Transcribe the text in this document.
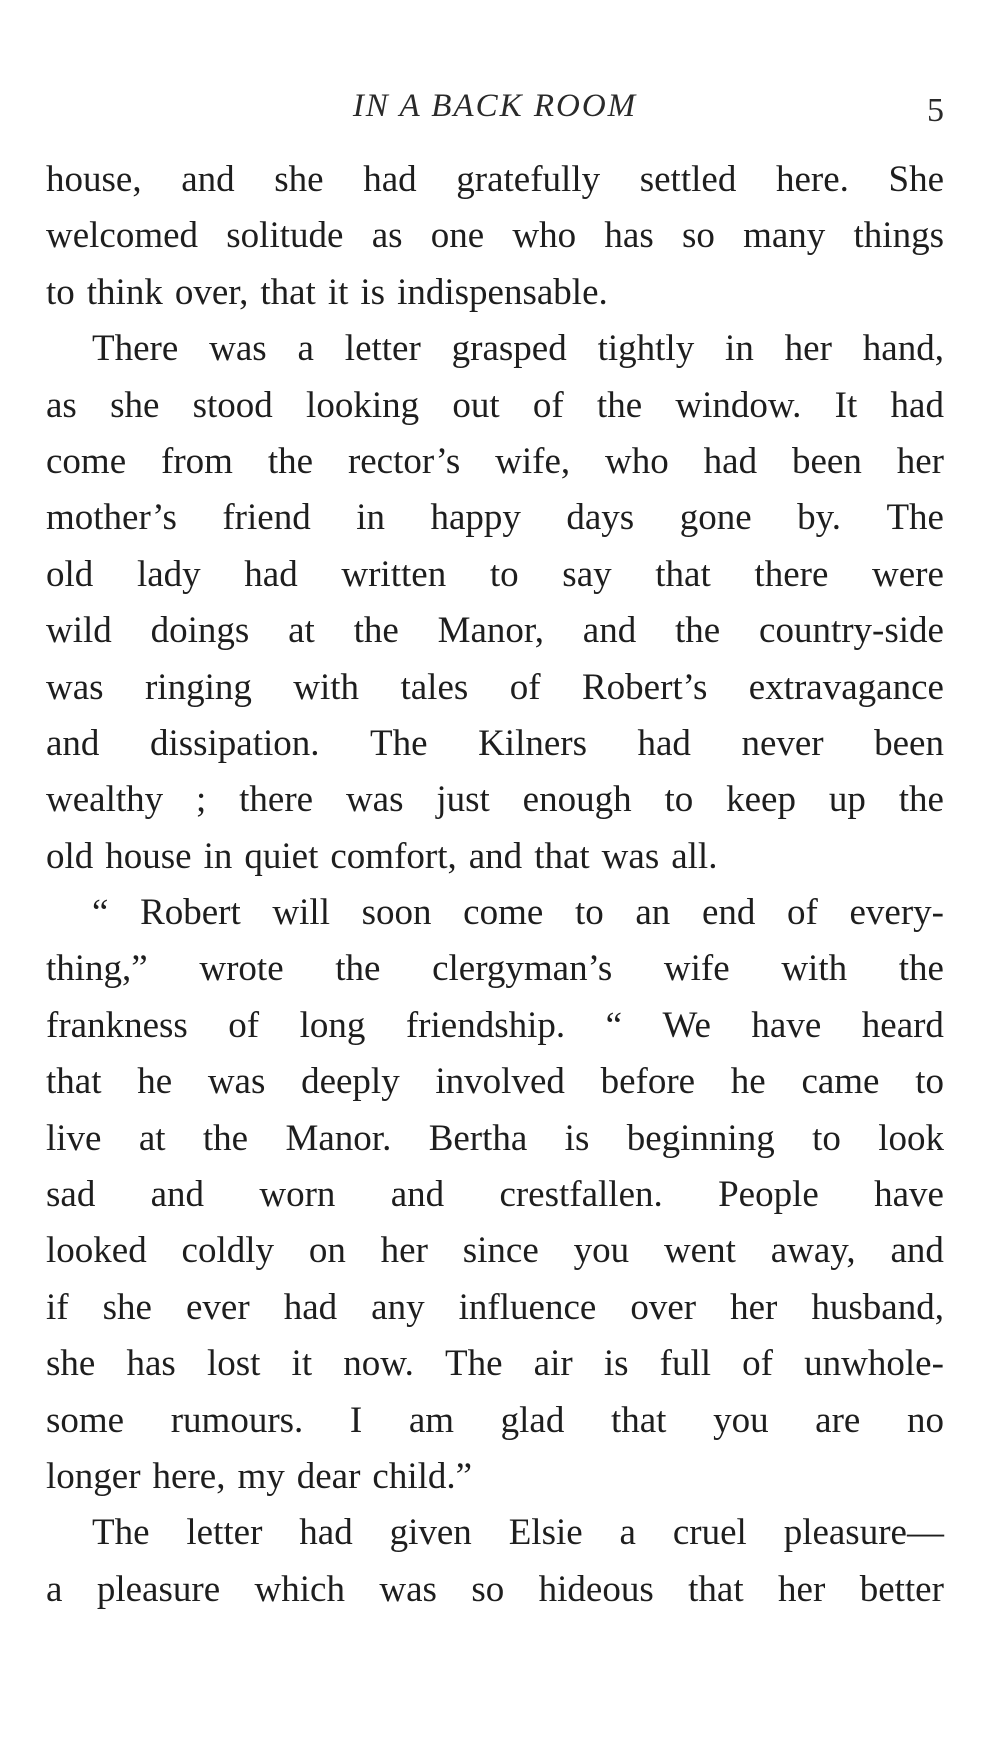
IN A BACK ROOM	5
house, and she had gratefully settled here. She
welcomed solitude as one who has so many things
to think over, that it is indispensable.
There was a letter grasped tightly in her hand,
as she stood looking out of the window. It had
come from the rector’s wife, who had been her
mother’s friend in happy days gone by. The
old lady had written to say that there were
wild doings at the Manor, and the country-side
was ringing with tales of Robert’s extravagance
and dissipation. The Kilners had never been
wealthy ; there was just enough to keep up the
old house in quiet comfort, and that was all.
“ Robert will soon come to an end of every-
thing,” wrote the clergyman’s wife with the
frankness of long friendship. “ We have heard
that he was deeply involved before he came to
live at the Manor. Bertha is beginning to look
sad and worn and crestfallen. People have
looked coldly on her since you went away, and
if she ever had any influence over her husband,
she has lost it now. The air is full of unwhole-
some rumours. I am glad that you are no
longer here, my dear child.”
The letter had given Elsie a cruel pleasure—
a pleasure which was so hideous that her better
